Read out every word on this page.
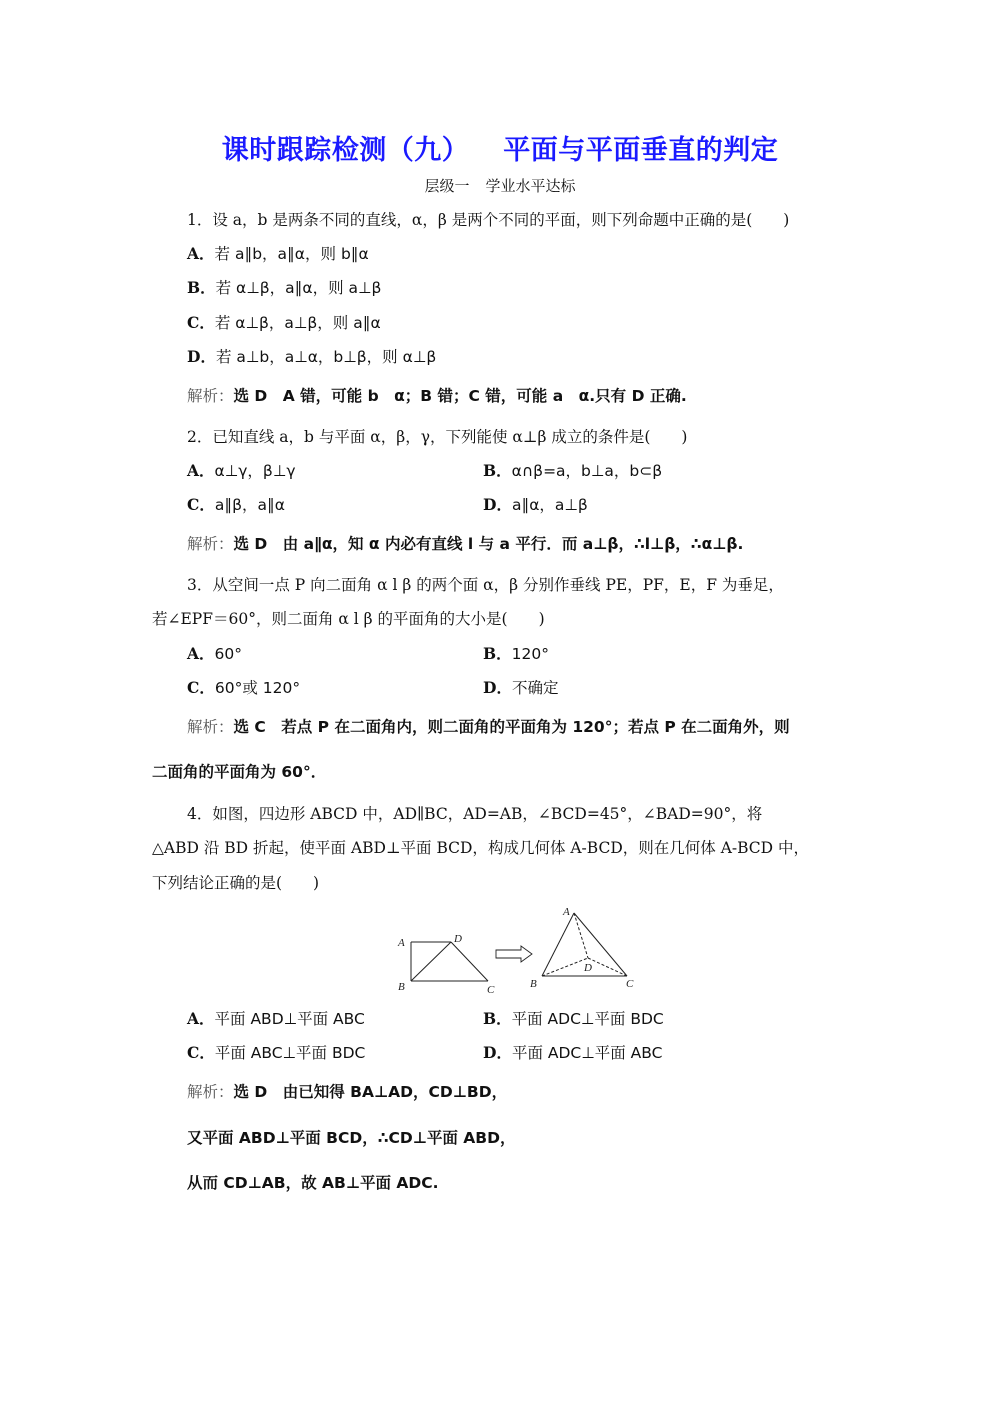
课时跟踪检测（九） 平面与平面垂直的判定
层级一 学业水平达标
1．设 a，b 是两条不同的直线，α，β 是两个不同的平面，则下列命题中正确的是(　　)
A．若 a∥b，a∥α，则 b∥α
B．若 α⊥β，a∥α，则 a⊥β
C．若 α⊥β，a⊥β，则 a∥α
D．若 a⊥b，a⊥α，b⊥β，则 α⊥β
解析：选 D　A 错，可能 b　α；B 错；C 错，可能 a　α.只有 D 正确.
2．已知直线 a，b 与平面 α，β，γ，下列能使 α⊥β 成立的条件是(　　)
A．α⊥γ，β⊥γ	B．α∩β=a，b⊥a，b⊂β
C．a∥β，a∥α	D．a∥α，a⊥β
解析：选 D　由 a∥α，知 α 内必有直线 l 与 a 平行．而 a⊥β，∴l⊥β，∴α⊥β.
3．从空间一点 P 向二面角 α l β 的两个面 α，β 分别作垂线 PE，PF，E，F 为垂足，
若∠EPF＝60°，则二面角 α l β 的平面角的大小是(　　)
A．60°	B．120°
C．60°或 120°	D．不确定
解析：选 C　若点 P 在二面角内，则二面角的平面角为 120°；若点 P 在二面角外，则
二面角的平面角为 60°．
4．如图，四边形 ABCD 中，AD∥BC，AD=AB，∠BCD=45°，∠BAD=90°，将
△ABD 沿 BD 折起，使平面 ABD⊥平面 BCD，构成几何体 A-BCD，则在几何体 A-BCD 中，
下列结论正确的是(　　)
A	D
B	C
A
D
B	C
A．平面 ABD⊥平面 ABC	B．平面 ADC⊥平面 BDC
C．平面 ABC⊥平面 BDC	D．平面 ADC⊥平面 ABC
解析：选 D　由已知得 BA⊥AD，CD⊥BD，
又平面 ABD⊥平面 BCD，∴CD⊥平面 ABD，
从而 CD⊥AB，故 AB⊥平面 ADC.
